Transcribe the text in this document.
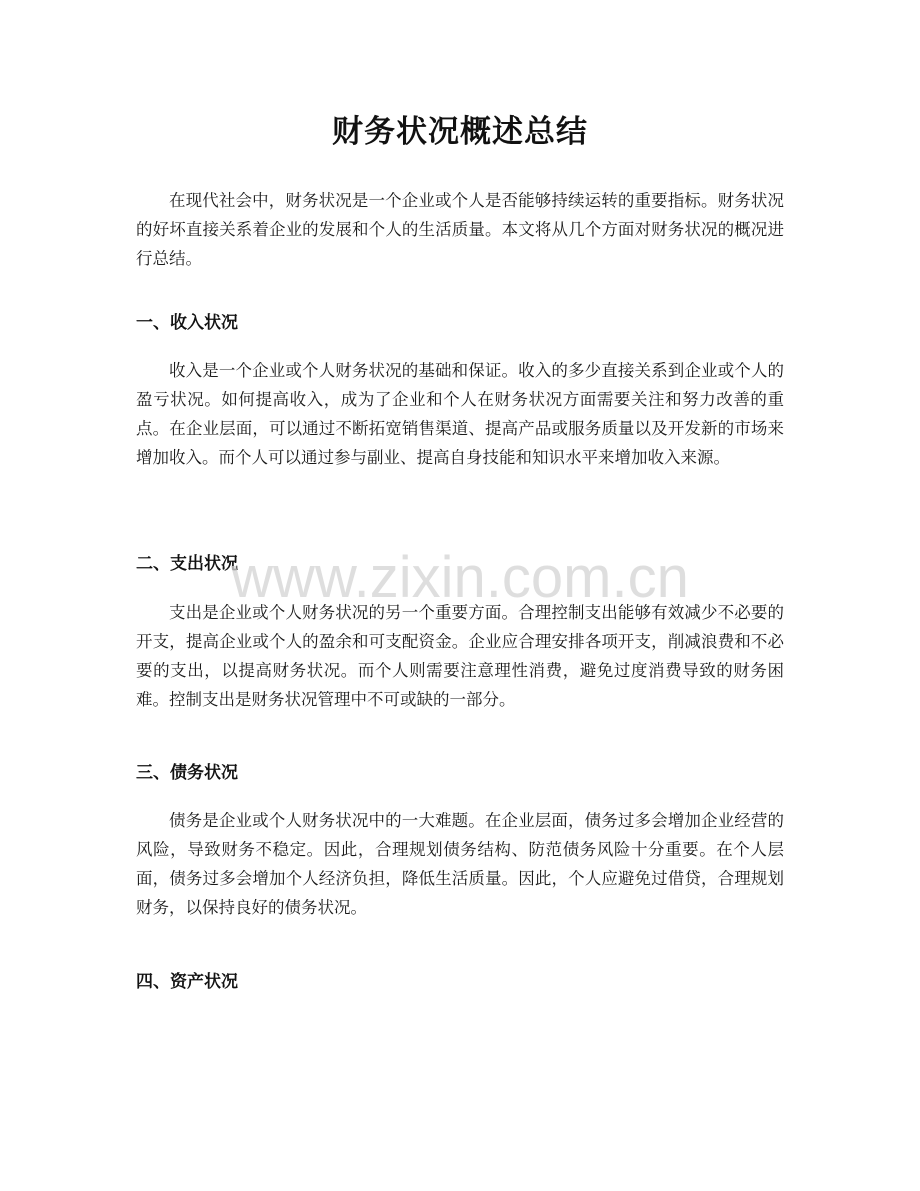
财务状况概述总结

在现代社会中，财务状况是一个企业或个人是否能够持续运转的重要指标。财务状况的好坏直接关系着企业的发展和个人的生活质量。本文将从几个方面对财务状况的概况进行总结。

一、收入状况

收入是一个企业或个人财务状况的基础和保证。收入的多少直接关系到企业或个人的盈亏状况。如何提高收入，成为了企业和个人在财务状况方面需要关注和努力改善的重点。在企业层面，可以通过不断拓宽销售渠道、提高产品或服务质量以及开发新的市场来增加收入。而个人可以通过参与副业、提高自身技能和知识水平来增加收入来源。

二、支出状况

支出是企业或个人财务状况的另一个重要方面。合理控制支出能够有效减少不必要的开支，提高企业或个人的盈余和可支配资金。企业应合理安排各项开支，削减浪费和不必要的支出，以提高财务状况。而个人则需要注意理性消费，避免过度消费导致的财务困难。控制支出是财务状况管理中不可或缺的一部分。

三、债务状况

债务是企业或个人财务状况中的一大难题。在企业层面，债务过多会增加企业经营的风险，导致财务不稳定。因此，合理规划债务结构、防范债务风险十分重要。在个人层面，债务过多会增加个人经济负担，降低生活质量。因此，个人应避免过借贷，合理规划财务，以保持良好的债务状况。

四、资产状况
www.zixin.com.cn
